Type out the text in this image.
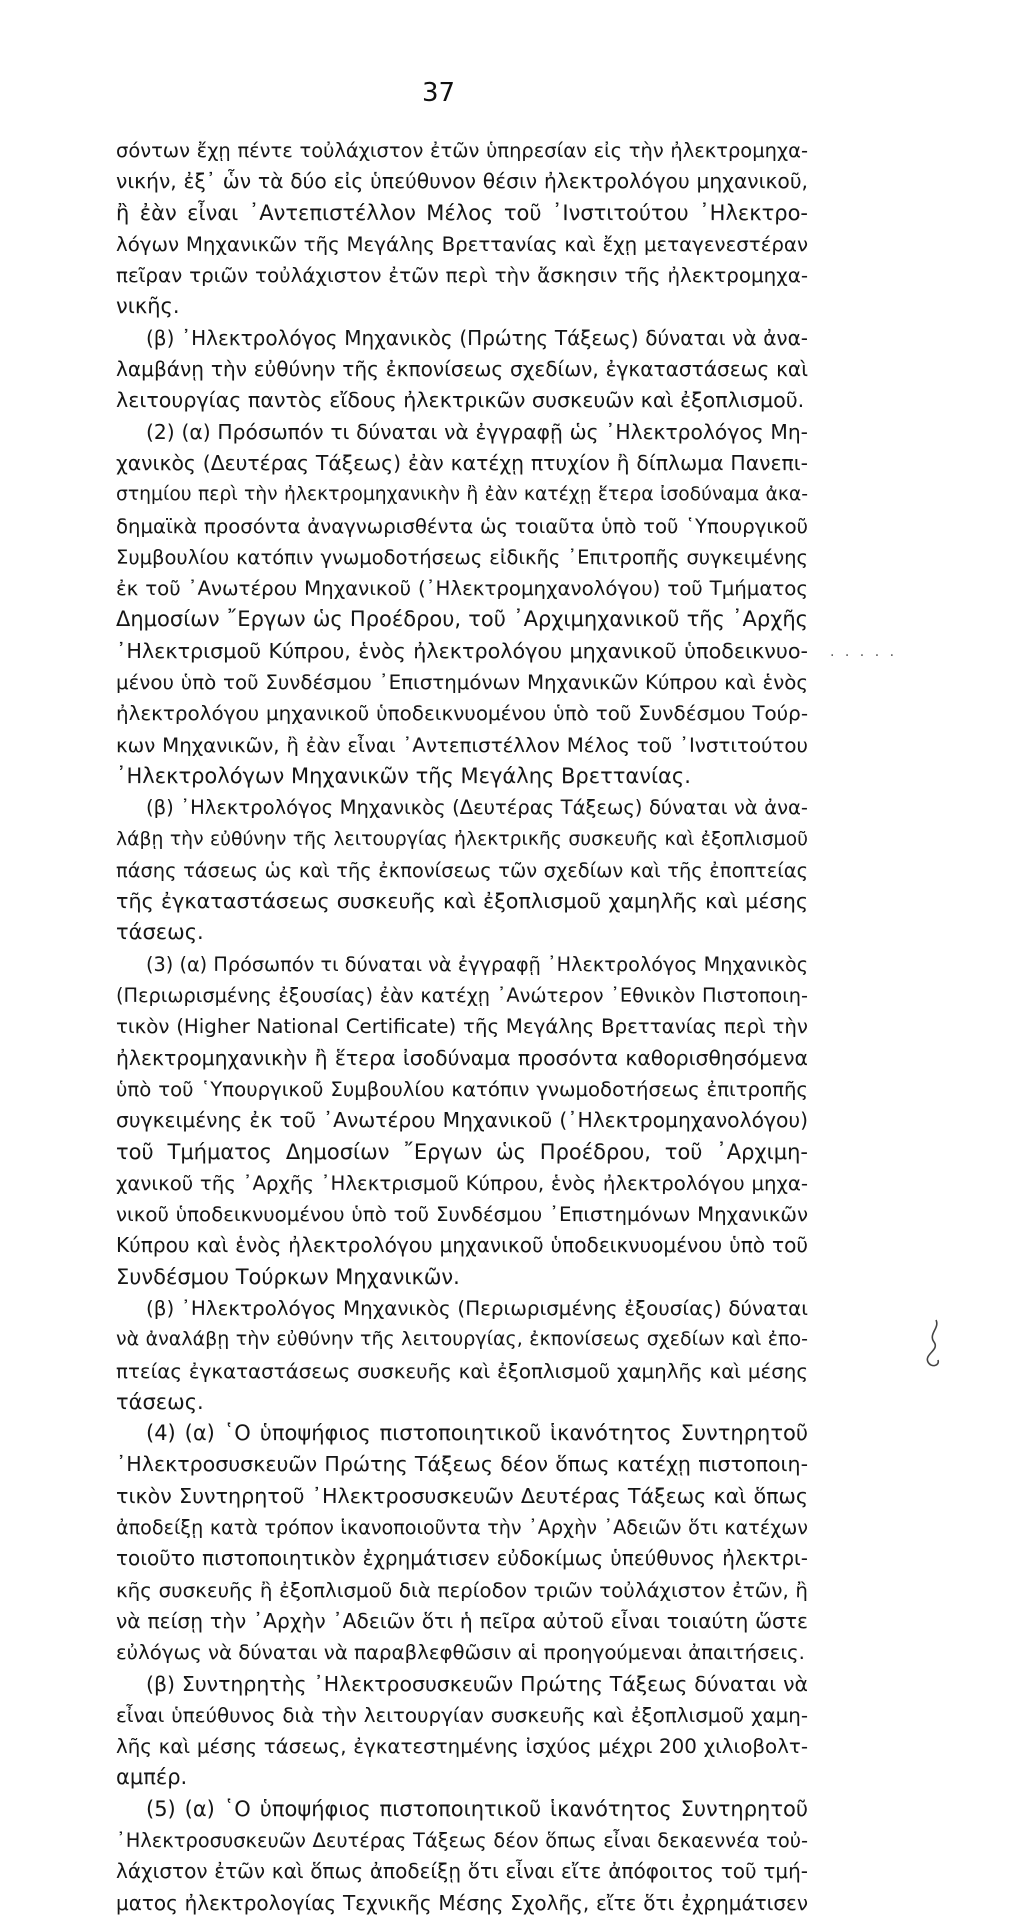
37
σόντων ἔχῃ πέντε τοὐλάχιστον ἐτῶν ὑπηρεσίαν εἰς τὴν ἠλεκτρομηχα-
νικήν, ἐξ᾽ ὧν τὰ δύο εἰς ὑπεύθυνον θέσιν ἠλεκτρολόγου μηχανικοῦ,
ἢ ἐὰν εἶναι ᾽Αντεπιστέλλον Μέλος τοῦ ᾽Ινστιτούτου ᾽Ηλεκτρο-
λόγων Μηχανικῶν τῆς Μεγάλης Βρεττανίας καὶ ἔχῃ μεταγενεστέραν
πεῖραν τριῶν τοὐλάχιστον ἐτῶν περὶ τὴν ἄσκησιν τῆς ἠλεκτρομηχα-
νικῆς.
(β) ᾽Ηλεκτρολόγος Μηχανικὸς (Πρώτης Τάξεως) δύναται νὰ ἀνα-
λαμβάνῃ τὴν εὐθύνην τῆς ἐκπονίσεως σχεδίων, ἐγκαταστάσεως καὶ
λειτουργίας παντὸς εἴδους ἠλεκτρικῶν συσκευῶν καὶ ἐξοπλισμοῦ.
(2) (α) Πρόσωπόν τι δύναται νὰ ἐγγραφῇ ὡς ᾽Ηλεκτρολόγος Μη-
χανικὸς (Δευτέρας Τάξεως) ἐὰν κατέχῃ πτυχίον ἢ δίπλωμα Πανεπι-
στημίου περὶ τὴν ἠλεκτρομηχανικὴν ἢ ἐὰν κατέχῃ ἕτερα ἰσοδύναμα ἀκα-
δημαϊκὰ προσόντα ἀναγνωρισθέντα ὡς τοιαῦτα ὑπὸ τοῦ ῾Υπουργικοῦ
Συμβουλίου κατόπιν γνωμοδοτήσεως εἰδικῆς ᾽Επιτροπῆς συγκειμένης
ἐκ τοῦ ᾽Ανωτέρου Μηχανικοῦ (᾽Ηλεκτρομηχανολόγου) τοῦ Τμήματος
Δημοσίων ῎Εργων ὡς Προέδρου, τοῦ ᾽Αρχιμηχανικοῦ τῆς ᾽Αρχῆς
᾽Ηλεκτρισμοῦ Κύπρου, ἑνὸς ἠλεκτρολόγου μηχανικοῦ ὑποδεικνυο-
μένου ὑπὸ τοῦ Συνδέσμου ᾽Επιστημόνων Μηχανικῶν Κύπρου καὶ ἑνὸς
ἠλεκτρολόγου μηχανικοῦ ὑποδεικνυομένου ὑπὸ τοῦ Συνδέσμου Τούρ-
κων Μηχανικῶν, ἢ ἐὰν εἶναι ᾽Αντεπιστέλλον Μέλος τοῦ ᾽Ινστιτούτου
᾽Ηλεκτρολόγων Μηχανικῶν τῆς Μεγάλης Βρεττανίας.
(β) ᾽Ηλεκτρολόγος Μηχανικὸς (Δευτέρας Τάξεως) δύναται νὰ ἀνα-
λάβῃ τὴν εὐθύνην τῆς λειτουργίας ἠλεκτρικῆς συσκευῆς καὶ ἐξοπλισμοῦ
πάσης τάσεως ὡς καὶ τῆς ἐκπονίσεως τῶν σχεδίων καὶ τῆς ἐποπτείας
τῆς ἐγκαταστάσεως συσκευῆς καὶ ἐξοπλισμοῦ χαμηλῆς καὶ μέσης
τάσεως.
(3) (α) Πρόσωπόν τι δύναται νὰ ἐγγραφῇ ᾽Ηλεκτρολόγος Μηχανικὸς
(Περιωρισμένης ἐξουσίας) ἐὰν κατέχῃ ᾽Ανώτερον ᾽Εθνικὸν Πιστοποιη-
τικὸν (Higher National Certificate) τῆς Μεγάλης Βρεττανίας περὶ τὴν
ἠλεκτρομηχανικὴν ἢ ἕτερα ἰσοδύναμα προσόντα καθορισθησόμενα
ὑπὸ τοῦ ῾Υπουργικοῦ Συμβουλίου κατόπιν γνωμοδοτήσεως ἐπιτροπῆς
συγκειμένης ἐκ τοῦ ᾽Ανωτέρου Μηχανικοῦ (᾽Ηλεκτρομηχανολόγου)
τοῦ Τμήματος Δημοσίων ῎Εργων ὡς Προέδρου, τοῦ ᾽Αρχιμη-
χανικοῦ τῆς ᾽Αρχῆς ᾽Ηλεκτρισμοῦ Κύπρου, ἑνὸς ἠλεκτρολόγου μηχα-
νικοῦ ὑποδεικνυομένου ὑπὸ τοῦ Συνδέσμου ᾽Επιστημόνων Μηχανικῶν
Κύπρου καὶ ἑνὸς ἠλεκτρολόγου μηχανικοῦ ὑποδεικνυομένου ὑπὸ τοῦ
Συνδέσμου Τούρκων Μηχανικῶν.
(β) ᾽Ηλεκτρολόγος Μηχανικὸς (Περιωρισμένης ἐξουσίας) δύναται
νὰ ἀναλάβῃ τὴν εὐθύνην τῆς λειτουργίας, ἐκπονίσεως σχεδίων καὶ ἐπο-
πτείας ἐγκαταστάσεως συσκευῆς καὶ ἐξοπλισμοῦ χαμηλῆς καὶ μέσης
τάσεως.
(4) (α) ῾Ο ὑποψήφιος πιστοποιητικοῦ ἱκανότητος Συντηρητοῦ
᾽Ηλεκτροσυσκευῶν Πρώτης Τάξεως δέον ὅπως κατέχῃ πιστοποιη-
τικὸν Συντηρητοῦ ᾽Ηλεκτροσυσκευῶν Δευτέρας Τάξεως καὶ ὅπως
ἀποδείξῃ κατὰ τρόπον ἱκανοποιοῦντα τὴν ᾽Αρχὴν ᾽Αδειῶν ὅτι κατέχων
τοιοῦτο πιστοποιητικὸν ἐχρημάτισεν εὐδοκίμως ὑπεύθυνος ἠλεκτρι-
κῆς συσκευῆς ἢ ἐξοπλισμοῦ διὰ περίοδον τριῶν τοὐλάχιστον ἐτῶν, ἢ
νὰ πείσῃ τὴν ᾽Αρχὴν ᾽Αδειῶν ὅτι ἡ πεῖρα αὐτοῦ εἶναι τοιαύτη ὥστε
εὐλόγως νὰ δύναται νὰ παραβλεφθῶσιν αἱ προηγούμεναι ἀπαιτήσεις.
(β) Συντηρητὴς ᾽Ηλεκτροσυσκευῶν Πρώτης Τάξεως δύναται νὰ
εἶναι ὑπεύθυνος διὰ τὴν λειτουργίαν συσκευῆς καὶ ἐξοπλισμοῦ χαμη-
λῆς καὶ μέσης τάσεως, ἐγκατεστημένης ἰσχύος μέχρι 200 χιλιοβολτ-
αμπέρ.
(5) (α) ῾Ο ὑποψήφιος πιστοποιητικοῦ ἱκανότητος Συντηρητοῦ
᾽Ηλεκτροσυσκευῶν Δευτέρας Τάξεως δέον ὅπως εἶναι δεκαεννέα τοὐ-
λάχιστον ἐτῶν καὶ ὅπως ἀποδείξῃ ὅτι εἶναι εἴτε ἀπόφοιτος τοῦ τμή-
ματος ἠλεκτρολογίας Τεχνικῆς Μέσης Σχολῆς, εἴτε ὅτι ἐχρημάτισεν
· · · · ·
